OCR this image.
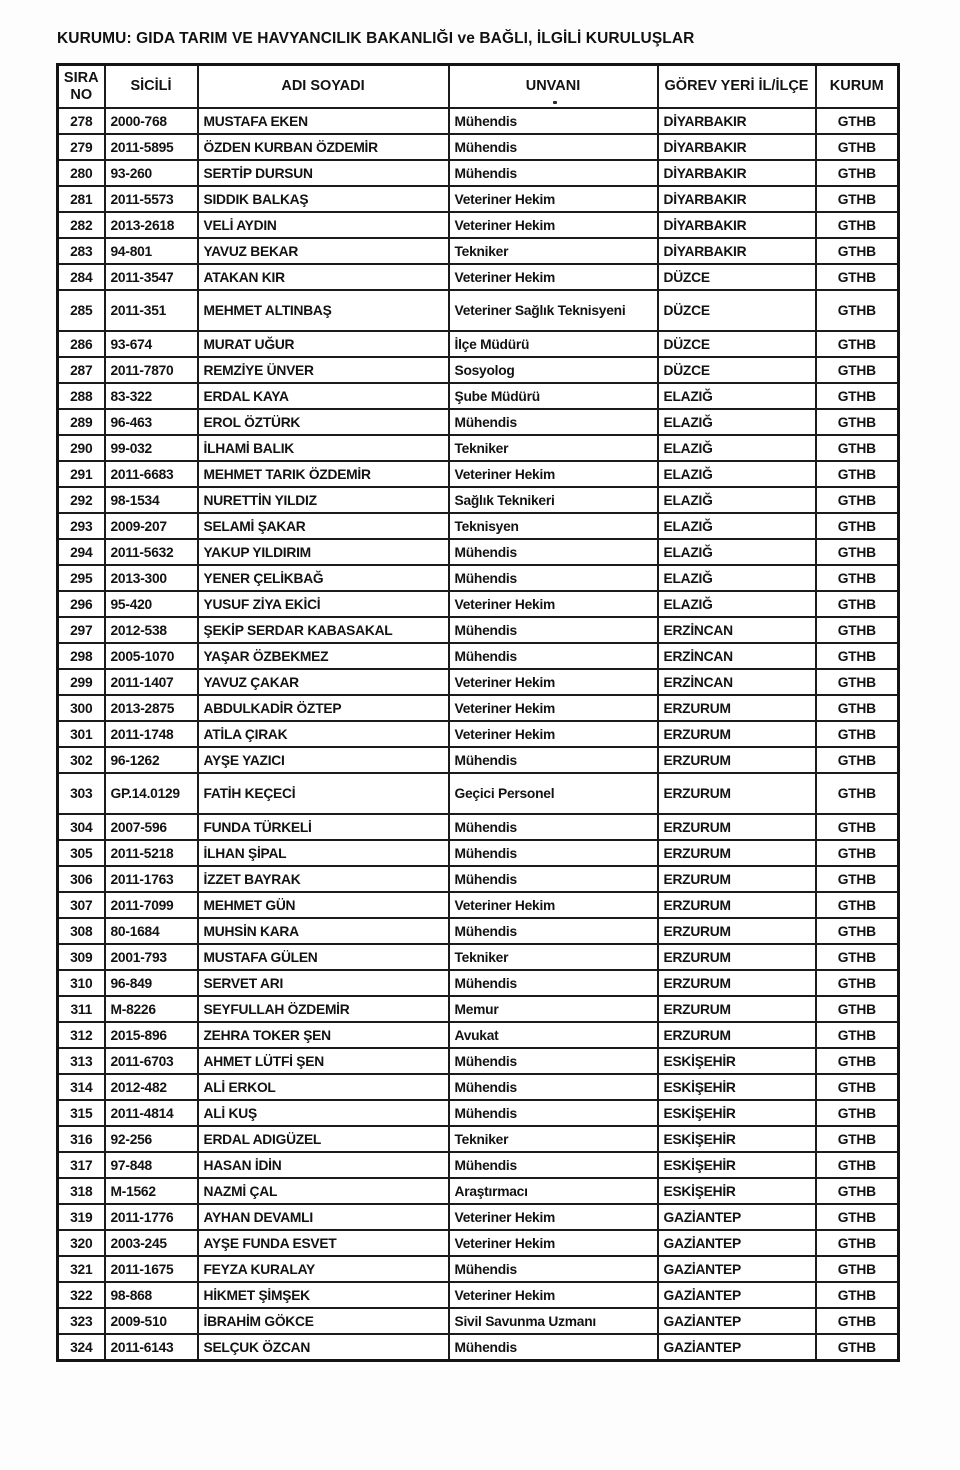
KURUMU: GIDA TARIM VE HAVYANCILIK BAKANLIĞI ve BAĞLI, İLGİLİ KURULUŞLAR
SIRA NO	SİCİLİ	ADI SOYADI	UNVANI	GÖREV YERİ İL/İLÇE	KURUM
278	2000-768	MUSTAFA EKEN	Mühendis	DİYARBAKIR	GTHB
279	2011-5895	ÖZDEN KURBAN ÖZDEMİR	Mühendis	DİYARBAKIR	GTHB
280	93-260	SERTİP DURSUN	Mühendis	DİYARBAKIR	GTHB
281	2011-5573	SIDDIK BALKAŞ	Veteriner Hekim	DİYARBAKIR	GTHB
282	2013-2618	VELİ AYDIN	Veteriner Hekim	DİYARBAKIR	GTHB
283	94-801	YAVUZ BEKAR	Tekniker	DİYARBAKIR	GTHB
284	2011-3547	ATAKAN KIR	Veteriner Hekim	DÜZCE	GTHB
285	2011-351	MEHMET ALTINBAŞ	Veteriner Sağlık Teknisyeni	DÜZCE	GTHB
286	93-674	MURAT UĞUR	İlçe Müdürü	DÜZCE	GTHB
287	2011-7870	REMZİYE ÜNVER	Sosyolog	DÜZCE	GTHB
288	83-322	ERDAL KAYA	Şube Müdürü	ELAZIĞ	GTHB
289	96-463	EROL ÖZTÜRK	Mühendis	ELAZIĞ	GTHB
290	99-032	İLHAMİ BALIK	Tekniker	ELAZIĞ	GTHB
291	2011-6683	MEHMET TARIK ÖZDEMİR	Veteriner Hekim	ELAZIĞ	GTHB
292	98-1534	NURETTİN YILDIZ	Sağlık Teknikeri	ELAZIĞ	GTHB
293	2009-207	SELAMİ ŞAKAR	Teknisyen	ELAZIĞ	GTHB
294	2011-5632	YAKUP YILDIRIM	Mühendis	ELAZIĞ	GTHB
295	2013-300	YENER ÇELİKBAĞ	Mühendis	ELAZIĞ	GTHB
296	95-420	YUSUF ZİYA EKİCİ	Veteriner Hekim	ELAZIĞ	GTHB
297	2012-538	ŞEKİP SERDAR KABASAKAL	Mühendis	ERZİNCAN	GTHB
298	2005-1070	YAŞAR ÖZBEKMEZ	Mühendis	ERZİNCAN	GTHB
299	2011-1407	YAVUZ ÇAKAR	Veteriner Hekim	ERZİNCAN	GTHB
300	2013-2875	ABDULKADİR ÖZTEP	Veteriner Hekim	ERZURUM	GTHB
301	2011-1748	ATİLA ÇIRAK	Veteriner Hekim	ERZURUM	GTHB
302	96-1262	AYŞE YAZICI	Mühendis	ERZURUM	GTHB
303	GP.14.0129	FATİH KEÇECİ	Geçici Personel	ERZURUM	GTHB
304	2007-596	FUNDA TÜRKELİ	Mühendis	ERZURUM	GTHB
305	2011-5218	İLHAN ŞİPAL	Mühendis	ERZURUM	GTHB
306	2011-1763	İZZET BAYRAK	Mühendis	ERZURUM	GTHB
307	2011-7099	MEHMET GÜN	Veteriner Hekim	ERZURUM	GTHB
308	80-1684	MUHSİN KARA	Mühendis	ERZURUM	GTHB
309	2001-793	MUSTAFA GÜLEN	Tekniker	ERZURUM	GTHB
310	96-849	SERVET ARI	Mühendis	ERZURUM	GTHB
311	M-8226	SEYFULLAH ÖZDEMİR	Memur	ERZURUM	GTHB
312	2015-896	ZEHRA TOKER ŞEN	Avukat	ERZURUM	GTHB
313	2011-6703	AHMET LÜTFİ ŞEN	Mühendis	ESKİŞEHİR	GTHB
314	2012-482	ALİ ERKOL	Mühendis	ESKİŞEHİR	GTHB
315	2011-4814	ALİ KUŞ	Mühendis	ESKİŞEHİR	GTHB
316	92-256	ERDAL ADIGÜZEL	Tekniker	ESKİŞEHİR	GTHB
317	97-848	HASAN İDİN	Mühendis	ESKİŞEHİR	GTHB
318	M-1562	NAZMİ ÇAL	Araştırmacı	ESKİŞEHİR	GTHB
319	2011-1776	AYHAN DEVAMLI	Veteriner Hekim	GAZİANTEP	GTHB
320	2003-245	AYŞE FUNDA ESVET	Veteriner Hekim	GAZİANTEP	GTHB
321	2011-1675	FEYZA KURALAY	Mühendis	GAZİANTEP	GTHB
322	98-868	HİKMET ŞİMŞEK	Veteriner Hekim	GAZİANTEP	GTHB
323	2009-510	İBRAHİM GÖKCE	Sivil Savunma Uzmanı	GAZİANTEP	GTHB
324	2011-6143	SELÇUK ÖZCAN	Mühendis	GAZİANTEP	GTHB
